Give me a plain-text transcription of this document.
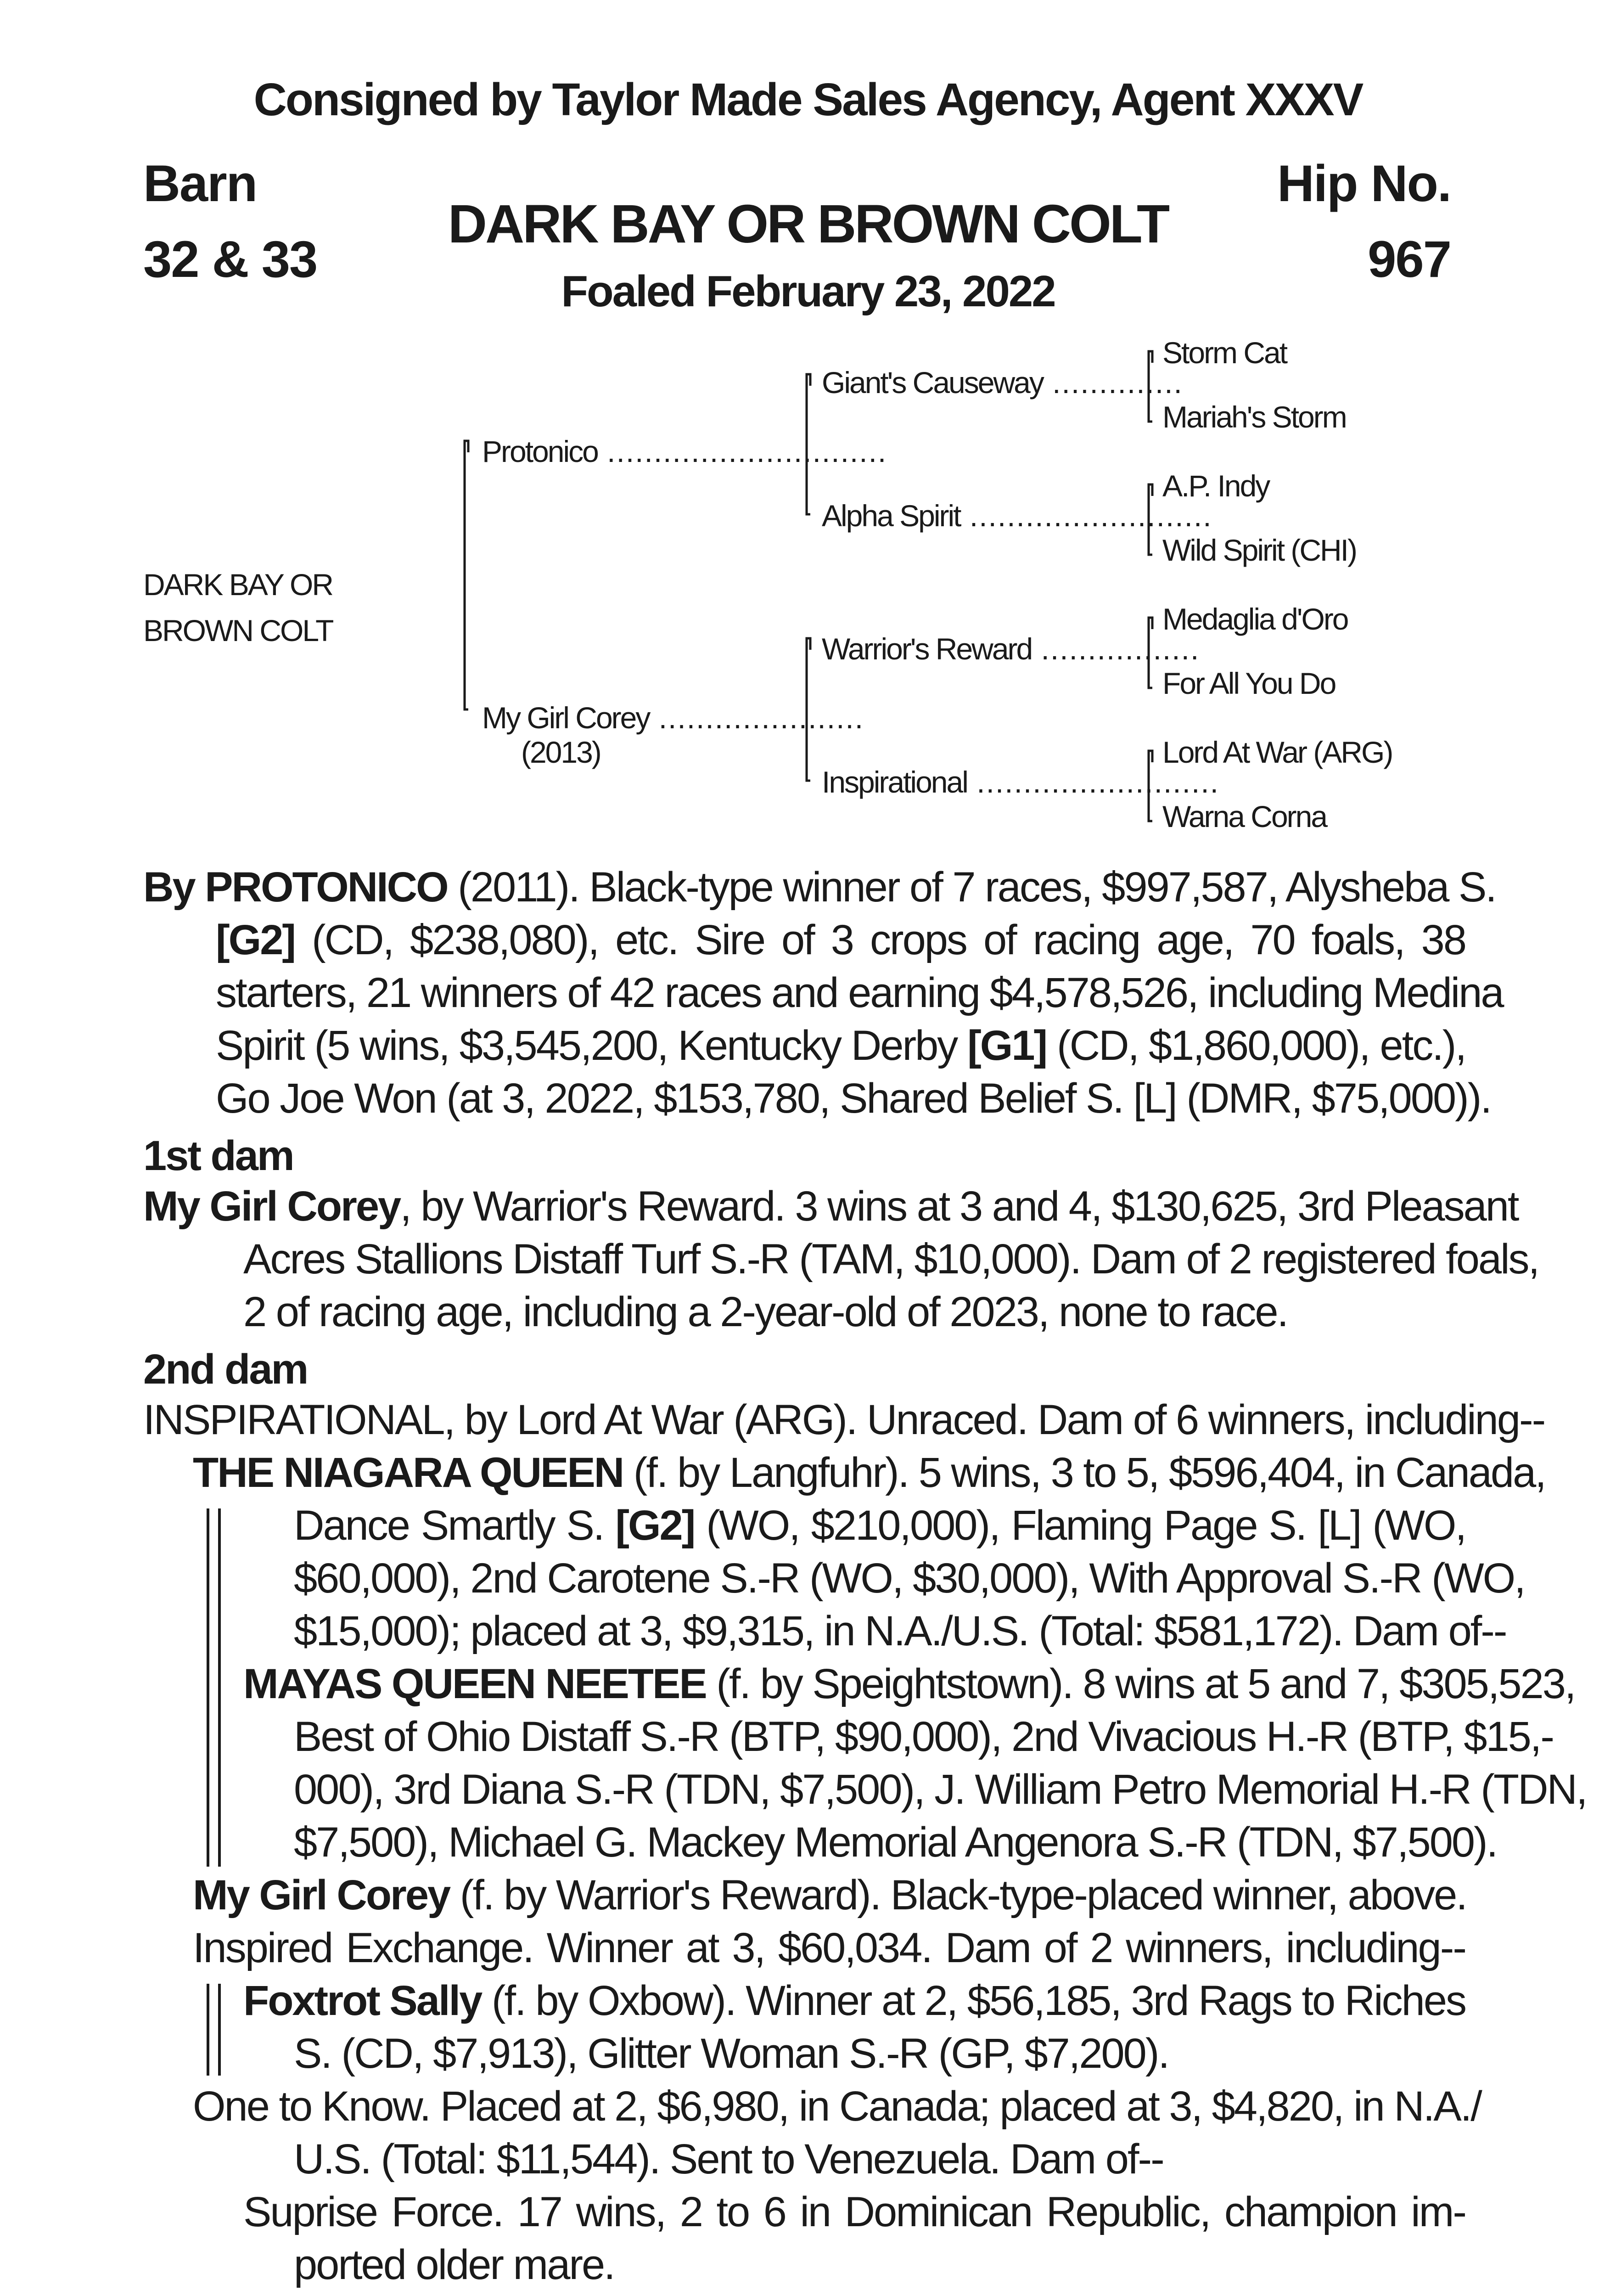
Consigned by Taylor Made Sales Agency, Agent XXXV
Barn
32 & 33
Hip No.
967
DARK BAY OR BROWN COLT
Foaled February 23, 2022
DARK BAY OR
BROWN COLT
Protonico ..............................
My Girl Corey ......................
(2013)
Giant's Causeway ..............
Alpha Spirit ..........................
Warrior's Reward .................
Inspirational ..........................
Storm Cat
Mariah's Storm
A.P. Indy
Wild Spirit (CHI)
Medaglia d'Oro
For All You Do
Lord At War (ARG)
Warna Corna
By PROTONICO (2011). Black-type winner of 7 races, $997,587, Alysheba S.
[G2] (CD, $238,080), etc. Sire of 3 crops of racing age, 70 foals, 38
starters, 21 winners of 42 races and earning $4,578,526, including Medina
Spirit (5 wins, $3,545,200, Kentucky Derby [G1] (CD, $1,860,000), etc.),
Go Joe Won (at 3, 2022, $153,780, Shared Belief S. [L] (DMR, $75,000)).
1st dam
My Girl Corey, by Warrior's Reward. 3 wins at 3 and 4, $130,625, 3rd Pleasant
Acres Stallions Distaff Turf S.-R (TAM, $10,000). Dam of 2 registered foals,
2 of racing age, including a 2-year-old of 2023, none to race.
2nd dam
INSPIRATIONAL, by Lord At War (ARG). Unraced. Dam of 6 winners, including--
THE NIAGARA QUEEN (f. by Langfuhr). 5 wins, 3 to 5, $596,404, in Canada,
Dance Smartly S. [G2] (WO, $210,000), Flaming Page S. [L] (WO,
$60,000), 2nd Carotene S.-R (WO, $30,000), With Approval S.-R (WO,
$15,000); placed at 3, $9,315, in N.A./U.S. (Total: $581,172). Dam of--
MAYAS QUEEN NEETEE (f. by Speightstown). 8 wins at 5 and 7, $305,523,
Best of Ohio Distaff S.-R (BTP, $90,000), 2nd Vivacious H.-R (BTP, $15,-
000), 3rd Diana S.-R (TDN, $7,500), J. William Petro Memorial H.-R (TDN,
$7,500), Michael G. Mackey Memorial Angenora S.-R (TDN, $7,500).
My Girl Corey (f. by Warrior's Reward). Black-type-placed winner, above.
Inspired Exchange. Winner at 3, $60,034. Dam of 2 winners, including--
Foxtrot Sally (f. by Oxbow). Winner at 2, $56,185, 3rd Rags to Riches
S. (CD, $7,913), Glitter Woman S.-R (GP, $7,200).
One to Know. Placed at 2, $6,980, in Canada; placed at 3, $4,820, in N.A./
U.S. (Total: $11,544). Sent to Venezuela. Dam of--
Suprise Force. 17 wins, 2 to 6 in Dominican Republic, champion im-
ported older mare.
